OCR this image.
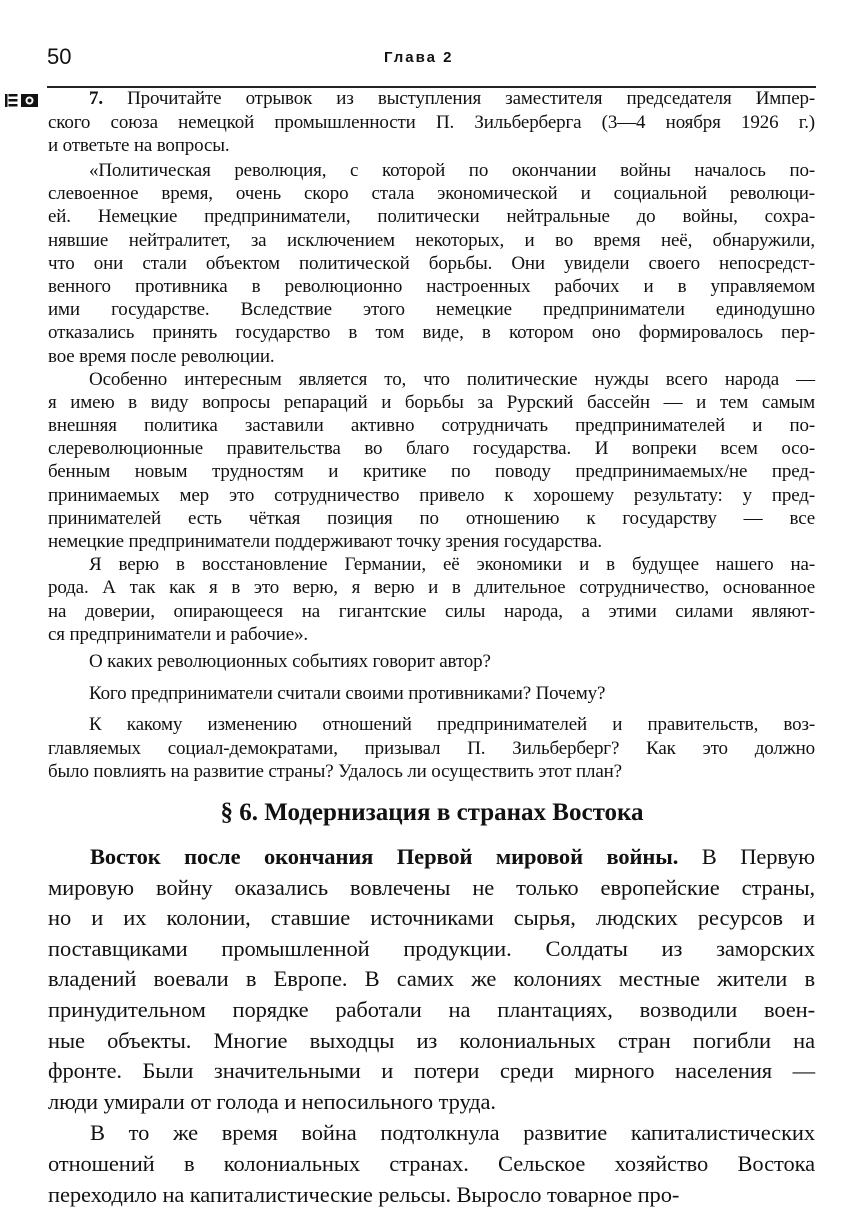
50	Глава 2
7. Прочитайте отрывок из выступления заместителя председателя Импер-
ского союза немецкой промышленности П. Зильберберга (3—4 ноября 1926 г.)
и ответьте на вопросы.
«Политическая революция, с которой по окончании войны началось по-
слевоенное время, очень скоро стала экономической и социальной революци-
ей. Немецкие предприниматели, политически нейтральные до войны, сохра-
нявшие нейтралитет, за исключением некоторых, и во время неё, обнаружили,
что они стали объектом политической борьбы. Они увидели своего непосредст-
венного противника в революционно настроенных рабочих и в управляемом
ими государстве. Вследствие этого немецкие предприниматели единодушно
отказались принять государство в том виде, в котором оно формировалось пер-
вое время после революции.
Особенно интересным является то, что политические нужды всего народа —
я имею в виду вопросы репараций и борьбы за Рурский бассейн — и тем самым
внешняя политика заставили активно сотрудничать предпринимателей и по-
слереволюционные правительства во благо государства. И вопреки всем осо-
бенным новым трудностям и критике по поводу предпринимаемых/не пред-
принимаемых мер это сотрудничество привело к хорошему результату: у пред-
принимателей есть чёткая позиция по отношению к государству — все
немецкие предприниматели поддерживают точку зрения государства.
Я верю в восстановление Германии, её экономики и в будущее нашего на-
рода. А так как я в это верю, я верю и в длительное сотрудничество, основанное
на доверии, опирающееся на гигантские силы народа, а этими силами являют-
ся предприниматели и рабочие».
О каких революционных событиях говорит автор?
Кого предприниматели считали своими противниками? Почему?
К какому изменению отношений предпринимателей и правительств, воз-
главляемых социал-демократами, призывал П. Зильберберг? Как это должно
было повлиять на развитие страны? Удалось ли осуществить этот план?
§ 6. Модернизация в странах Востока
Восток после окончания Первой мировой войны. В Первую
мировую войну оказались вовлечены не только европейские страны,
но и их колонии, ставшие источниками сырья, людских ресурсов и
поставщиками промышленной продукции. Солдаты из заморских
владений воевали в Европе. В самих же колониях местные жители в
принудительном порядке работали на плантациях, возводили воен-
ные объекты. Многие выходцы из колониальных стран погибли на
фронте. Были значительными и потери среди мирного населения —
люди умирали от голода и непосильного труда.
В то же время война подтолкнула развитие капиталистических
отношений в колониальных странах. Сельское хозяйство Востока
переходило на капиталистические рельсы. Выросло товарное про-
